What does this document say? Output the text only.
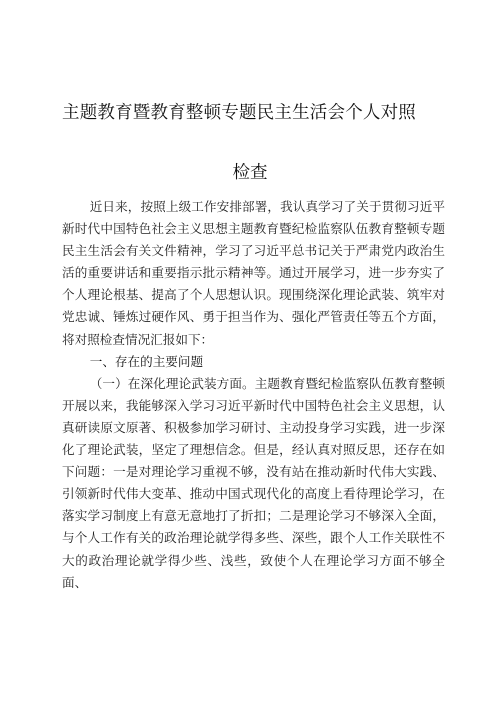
主题教育暨教育整顿专题民主生活会个人对照
检查

近日来，按照上级工作安排部署，我认真学习了关于贯彻习近平新时代中国特色社会主义思想主题教育暨纪检监察队伍教育整顿专题民主生活会有关文件精神，学习了习近平总书记关于严肃党内政治生活的重要讲话和重要指示批示精神等。通过开展学习，进一步夯实了个人理论根基、提高了个人思想认识。现围绕深化理论武装、筑牢对党忠诚、锤炼过硬作风、勇于担当作为、强化严管责任等五个方面，将对照检查情况汇报如下：

一、存在的主要问题

（一）在深化理论武装方面。主题教育暨纪检监察队伍教育整顿开展以来，我能够深入学习习近平新时代中国特色社会主义思想，认真研读原文原著、积极参加学习研讨、主动投身学习实践，进一步深化了理论武装，坚定了理想信念。但是，经认真对照反思，还存在如下问题：一是对理论学习重视不够，没有站在推动新时代伟大实践、引领新时代伟大变革、推动中国式现代化的高度上看待理论学习，在落实学习制度上有意无意地打了折扣；二是理论学习不够深入全面，与个人工作有关的政治理论就学得多些、深些，跟个人工作关联性不大的政治理论就学得少些、浅些，致使个人在理论学习方面不够全面、
